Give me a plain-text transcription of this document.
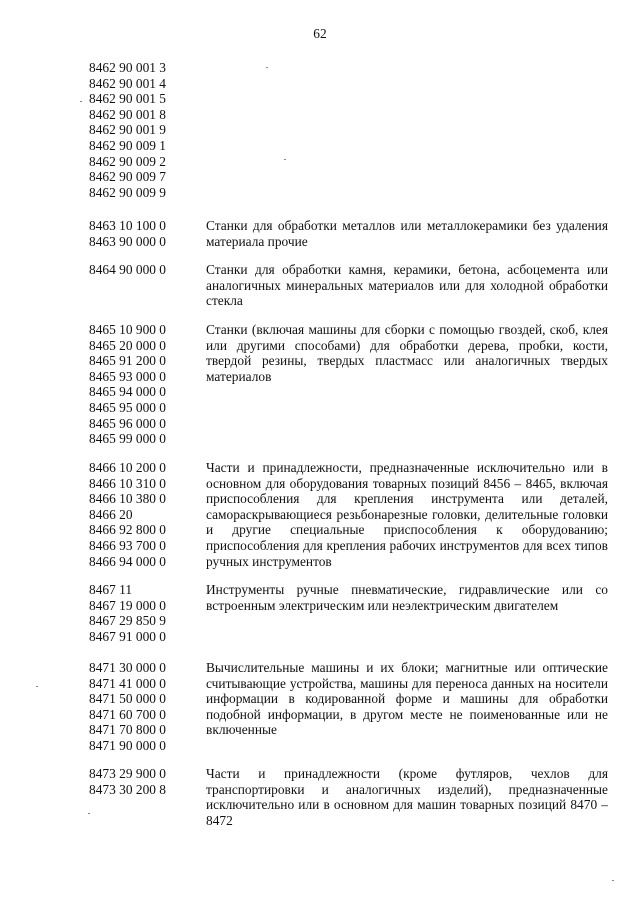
62
8462 90 001 3
8462 90 001 4
8462 90 001 5
8462 90 001 8
8462 90 001 9
8462 90 009 1
8462 90 009 2
8462 90 009 7
8462 90 009 9
8463 10 100 0
8463 90 000 0
Станки для обработки металлов или металлокерамики без удаления материала прочие
8464 90 000 0	Станки для обработки камня, керамики, бетона, асбоцемента или аналогичных минеральных материалов или для холодной обработки стекла
8465 10 900 0
8465 20 000 0
8465 91 200 0
8465 93 000 0
8465 94 000 0
8465 95 000 0
8465 96 000 0
8465 99 000 0
Станки (включая машины для сборки с помощью гвоздей, скоб, клея или другими способами) для обработки дерева, пробки, кости, твердой резины, твердых пластмасс или аналогичных твердых материалов
8466 10 200 0
8466 10 310 0
8466 10 380 0
8466 20
8466 92 800 0
8466 93 700 0
8466 94 000 0
Части и принадлежности, предназначенные исключительно или в основном для оборудования товарных позиций 8456 – 8465, включая приспособления для крепления инструмента или деталей, самораскрывающиеся резьбонарезные головки, делительные головки и другие специальные приспособления к оборудованию; приспособления для крепления рабочих инструментов для всех типов ручных инструментов
8467 11
8467 19 000 0
8467 29 850 9
8467 91 000 0
Инструменты ручные пневматические, гидравлические или со встроенным электрическим или неэлектрическим двигателем
8471 30 000 0
8471 41 000 0
8471 50 000 0
8471 60 700 0
8471 70 800 0
8471 90 000 0
Вычислительные машины и их блоки; магнитные или оптические считывающие устройства, машины для переноса данных на носители информации в кодированной форме и машины для обработки подобной информации, в другом месте не поименованные или не включенные
8473 29 900 0
8473 30 200 8
Части и принадлежности (кроме футляров, чехлов для транспортировки и аналогичных изделий), предназначенные исключительно или в основном для машин товарных позиций 8470 – 8472
